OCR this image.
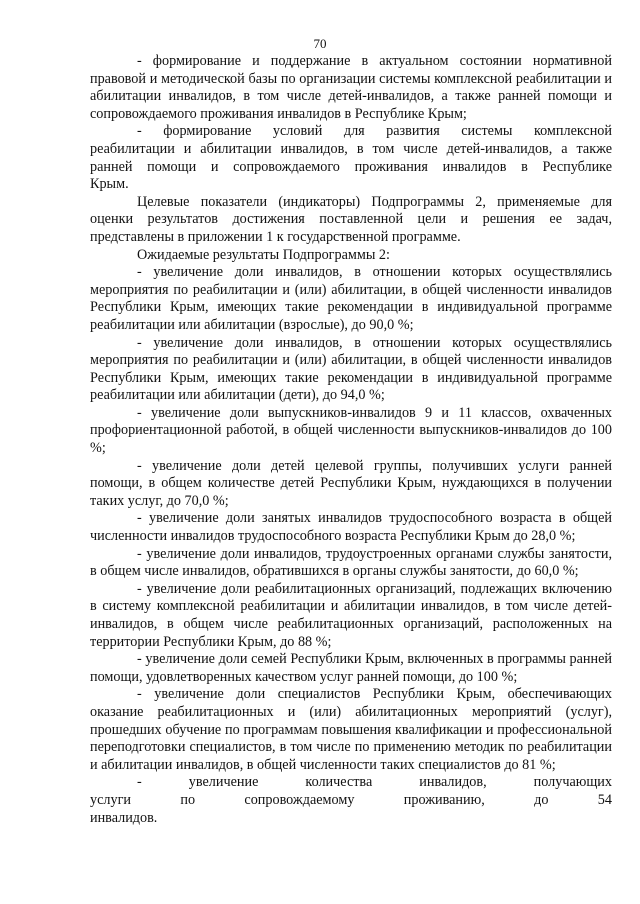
70

- формирование и поддержание в актуальном состоянии нормативной правовой и методической базы по организации системы комплексной реабилитации и абилитации инвалидов, в том числе детей-инвалидов, а также ранней помощи и сопровождаемого проживания инвалидов в Республике Крым;

- формирование условий для развития системы комплексной реабилитации и абилитации инвалидов, в том числе детей-инвалидов, а также ранней помощи и сопровождаемого проживания инвалидов в Республике Крым.

Целевые показатели (индикаторы) Подпрограммы 2, применяемые для оценки результатов достижения поставленной цели и решения ее задач, представлены в приложении 1 к государственной программе.

Ожидаемые результаты Подпрограммы 2:

- увеличение доли инвалидов, в отношении которых осуществлялись мероприятия по реабилитации и (или) абилитации, в общей численности инвалидов Республики Крым, имеющих такие рекомендации в индивидуальной программе реабилитации или абилитации (взрослые), до 90,0 %;

- увеличение доли инвалидов, в отношении которых осуществлялись мероприятия по реабилитации и (или) абилитации, в общей численности инвалидов Республики Крым, имеющих такие рекомендации в индивидуальной программе реабилитации или абилитации (дети), до 94,0 %;

- увеличение доли выпускников-инвалидов 9 и 11 классов, охваченных профориентационной работой, в общей численности выпускников-инвалидов до 100 %;

- увеличение доли детей целевой группы, получивших услуги ранней помощи, в общем количестве детей Республики Крым, нуждающихся в получении таких услуг, до 70,0 %;

- увеличение доли занятых инвалидов трудоспособного возраста в общей численности инвалидов трудоспособного возраста Республики Крым до 28,0 %;

- увеличение доли инвалидов, трудоустроенных органами службы занятости, в общем числе инвалидов, обратившихся в органы службы занятости, до 60,0 %;

- увеличение доли реабилитационных организаций, подлежащих включению в систему комплексной реабилитации и абилитации инвалидов, в том числе детей-инвалидов, в общем числе реабилитационных организаций, расположенных на территории Республики Крым, до 88 %;

- увеличение доли семей Республики Крым, включенных в программы ранней помощи, удовлетворенных качеством услуг ранней помощи, до 100 %;

- увеличение доли специалистов Республики Крым, обеспечивающих оказание реабилитационных и (или) абилитационных мероприятий (услуг), прошедших обучение по программам повышения квалификации и профессиональной переподготовки специалистов, в том числе по применению методик по реабилитации и абилитации инвалидов, в общей численности таких специалистов до 81 %;

- увеличение количества инвалидов, получающих услуги по сопровождаемому проживанию, до 54 инвалидов.
